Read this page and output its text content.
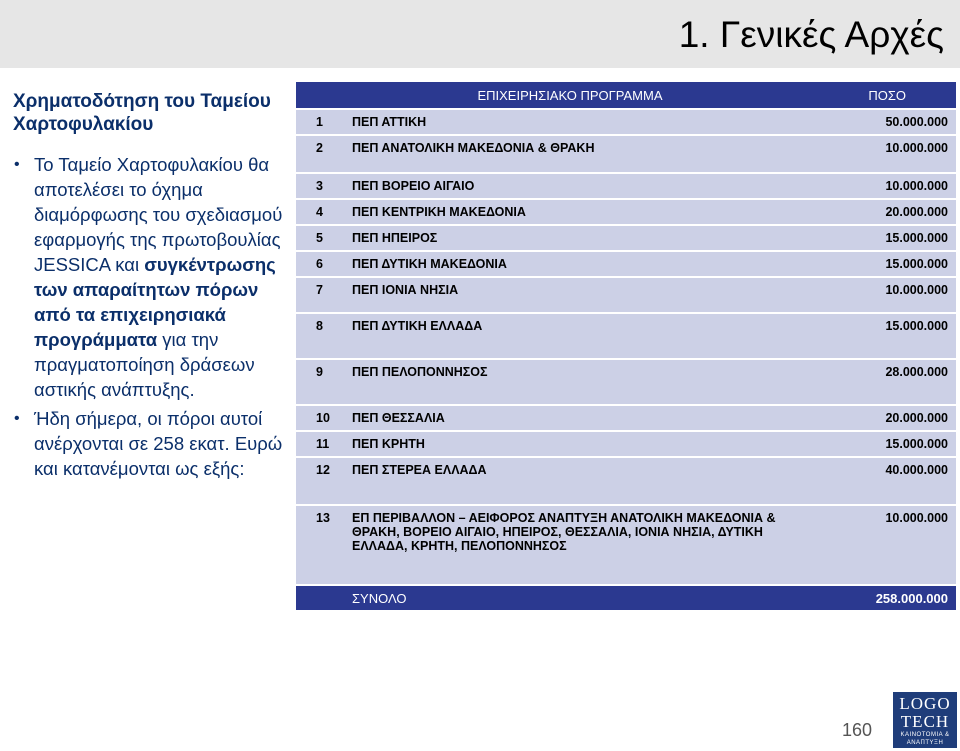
1. Γενικές Αρχές
Χρηματοδότηση του Ταμείου Χαρτοφυλακίου
• Το Ταμείο Χαρτοφυλακίου θα αποτελέσει το όχημα διαμόρφωσης του σχεδιασμού εφαρμογής της πρωτοβουλίας JESSICA και συγκέντρωσης των απαραίτητων πόρων από τα επιχειρησιακά προγράμματα για την πραγματοποίηση δράσεων αστικής ανάπτυξης.
• Ήδη σήμερα, οι πόροι αυτοί ανέρχονται σε 258 εκατ. Ευρώ και κατανέμονται ως εξής:
	ΕΠΙΧΕΙΡΗΣΙΑΚΟ ΠΡΟΓΡΑΜΜΑ	ΠΟΣΟ
1	ΠΕΠ ΑΤΤΙΚΗ	50.000.000
2	ΠΕΠ ΑΝΑΤΟΛΙΚΗ ΜΑΚΕΔΟΝΙΑ & ΘΡΑΚΗ	10.000.000
3	ΠΕΠ ΒΟΡΕΙΟ ΑΙΓΑΙΟ	10.000.000
4	ΠΕΠ ΚΕΝΤΡΙΚΗ ΜΑΚΕΔΟΝΙΑ	20.000.000
5	ΠΕΠ ΗΠΕΙΡΟΣ	15.000.000
6	ΠΕΠ ΔΥΤΙΚΗ ΜΑΚΕΔΟΝΙΑ	15.000.000
7	ΠΕΠ ΙΟΝΙΑ ΝΗΣΙΑ	10.000.000
8	ΠΕΠ ΔΥΤΙΚΗ ΕΛΛΑΔΑ	15.000.000
9	ΠΕΠ ΠΕΛΟΠΟΝΝΗΣΟΣ	28.000.000
10	ΠΕΠ ΘΕΣΣΑΛΙΑ	20.000.000
11	ΠΕΠ ΚΡΗΤΗ	15.000.000
12	ΠΕΠ ΣΤΕΡΕΑ ΕΛΛΑΔΑ	40.000.000
13	ΕΠ ΠΕΡΙΒΑΛΛΟΝ – ΑΕΙΦΟΡΟΣ ΑΝΑΠΤΥΞΗ ΑΝΑΤΟΛΙΚΗ ΜΑΚΕΔΟΝΙΑ & ΘΡΑΚΗ, ΒΟΡΕΙΟ ΑΙΓΑΙΟ, ΗΠΕΙΡΟΣ, ΘΕΣΣΑΛΙΑ, ΙΟΝΙΑ ΝΗΣΙΑ, ΔΥΤΙΚΗ ΕΛΛΑΔΑ, ΚΡΗΤΗ, ΠΕΛΟΠΟΝΝΗΣΟΣ	10.000.000
	ΣΥΝΟΛΟ	258.000.000
160
LOGO
TECH
ΚΑΙΝΟΤΟΜΙΑ & ΑΝΑΠΤΥΞΗ
